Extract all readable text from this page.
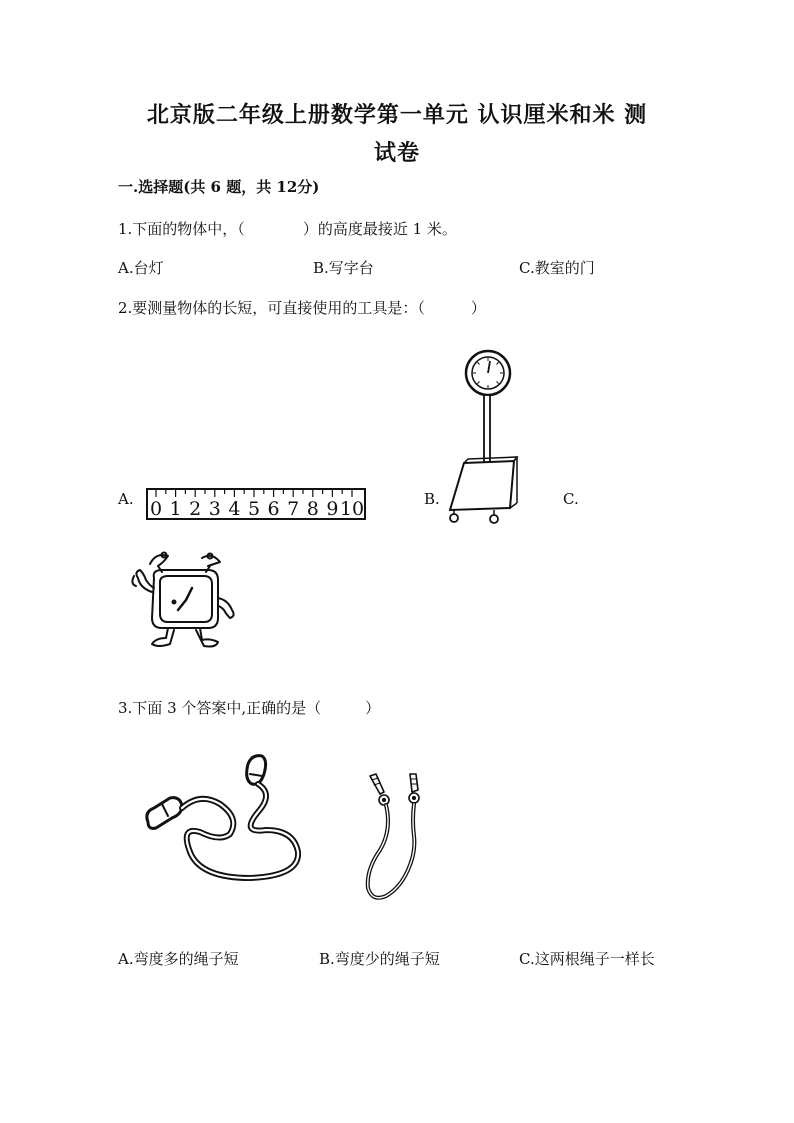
北京版二年级上册数学第一单元 认识厘米和米 测
试卷
一.选择题(共 6 题，共 12分)
1.下面的物体中，（	）的高度最接近 1 米。
A.台灯	B.写字台	C.教室的门
2.要测量物体的长短，可直接使用的工具是：（	）
A. 0 1 2 3 4 5 6 7 8 9 10	B.	C.
3.下面 3 个答案中,正确的是（	）
A.弯度多的绳子短	B.弯度少的绳子短	C.这两根绳子一样长
